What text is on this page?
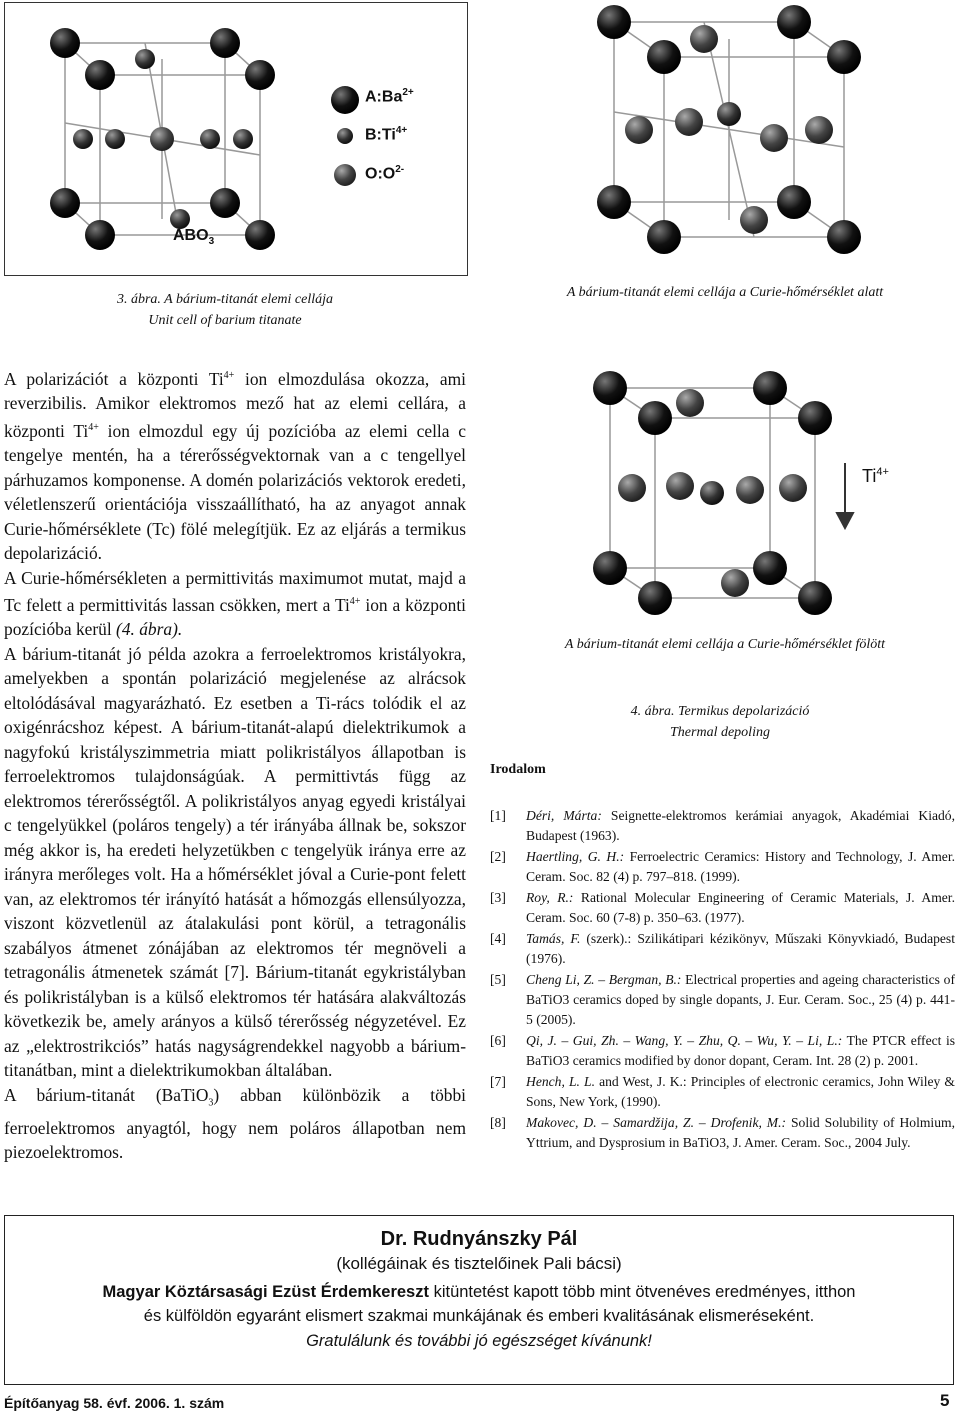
$A:Ba^{2+}$
$B:Ti^{4+}$
$O:O^{2-}$
$ABO_3$
3. ábra. A bárium-titanát elemi cellája
Unit cell of barium titanate
A bárium-titanát elemi cellája a Curie-hőmérséklet alatt

A polarizációt a központi $Ti^{4+}$ ion elmozdulása okozza, ami reverzibilis. Amikor elektromos mező hat az elemi cellára, a központi $Ti^{4+}$ ion elmozdul egy új pozícióba az elemi cella c tengelye mentén, ha a térerősségvektornak van a c tengellyel párhuzamos komponense. A domén polarizációs vektorok eredeti, véletlenszerű orientációja visszaállítható, ha az anyagot annak Curie-hőmérséklete (Tc) fölé melegítjük. Ez az eljárás a termikus depolarizáció.

A Curie-hőmérsékleten a permittivitás maximumot mutat, majd a Tc felett a permittivitás lassan csökken, mert a $Ti^{4+}$ ion a központi pozícióba kerül (4. ábra).

A bárium-titanát jó példa azokra a ferroelektromos kristályokra, amelyekben a spontán polarizáció megjelenése az alrácsok eltolódásával magyarázható. Ez esetben a Ti-rács tolódik el az oxigénrácshoz képest. A bárium-titanát-alapú dielektrikumok a nagyfokú kristályszimmetria miatt polikristályos állapotban is ferroelektromos tulajdonságúak. A permittivtás függ az elektromos térerősségtől. A polikristályos anyag egyedi kristályai c tengelyükkel (poláros tengely) a tér irányába állnak be, sokszor még akkor is, ha eredeti helyzetükben c tengelyük iránya erre az irányra merőleges volt. Ha a hőmérséklet jóval a Curie-pont felett van, az elektromos tér irányító hatását a hőmozgás ellensúlyozza, viszont közvetlenül az átalakulási pont körül, a tetragonális szabályos átmenet zónájában az elektromos tér megnöveli a tetragonális átmenetek számát [7]. Bárium-titanát egykristályban és polikristályban is a külső elektromos tér hatására alakváltozás következik be, amely arányos a külső térerősség négyzetével. Ez az „elektrostrikciós” hatás nagyságrendekkel nagyobb a bárium-titanátban, mint a dielektrikumokban általában.

A bárium-titanát (BaTiO$_3$) abban különbözik a többi ferroelektromos anyagtól, hogy nem poláros állapotban nem piezoelektromos.

$Ti^{4+}$
A bárium-titanát elemi cellája a Curie-hőmérséklet fölött
4. ábra. Termikus depolarizáció
Thermal depoling
Irodalom
[1]	Déri, Márta: Seignette-elektromos kerámiai anyagok, Akadémiai Kiadó, Budapest (1963).
[2]	Haertling, G. H.: Ferroelectric Ceramics: History and Technology, J. Amer. Ceram. Soc. 82 (4) p. 797–818. (1999).
[3]	Roy, R.: Rational Molecular Engineering of Ceramic Materials, J. Amer. Ceram. Soc. 60 (7-8) p. 350–63. (1977).
[4]	Tamás, F. (szerk).: Szilikátipari kézikönyv, Műszaki Könyvkiadó, Budapest (1976).
[5]	Cheng Li, Z. – Bergman, B.: Electrical properties and ageing characteristics of BaTiO3 ceramics doped by single dopants, J. Eur. Ceram. Soc., 25 (4) p. 441-5 (2005).
[6]	Qi, J. – Gui, Zh. – Wang, Y. – Zhu, Q. – Wu, Y. – Li, L.: The PTCR effect is BaTiO3 ceramics modified by donor dopant, Ceram. Int. 28 (2) p. 2001.
[7]	Hench, L. L. and West, J. K.: Principles of electronic ceramics, John Wiley & Sons, New York, (1990).
[8]	Makovec, D. – Samardžija, Z. – Drofenik, M.: Solid Solubility of Holmium, Yttrium, and Dysprosium in BaTiO3, J. Amer. Ceram. Soc., 2004 July.
Dr. Rudnyánszky Pál
(kollégáinak és tisztelőinek Pali bácsi)
Magyar Köztársasági Ezüst Érdemkereszt kitüntetést kapott több mint ötvenéves eredményes, itthon
és külföldön egyaránt elismert szakmai munkájának és emberi kvalitásának elismeréseként.
Gratulálunk és további jó egészséget kívánunk!
Építőanyag 58. évf. 2006. 1. szám	5
